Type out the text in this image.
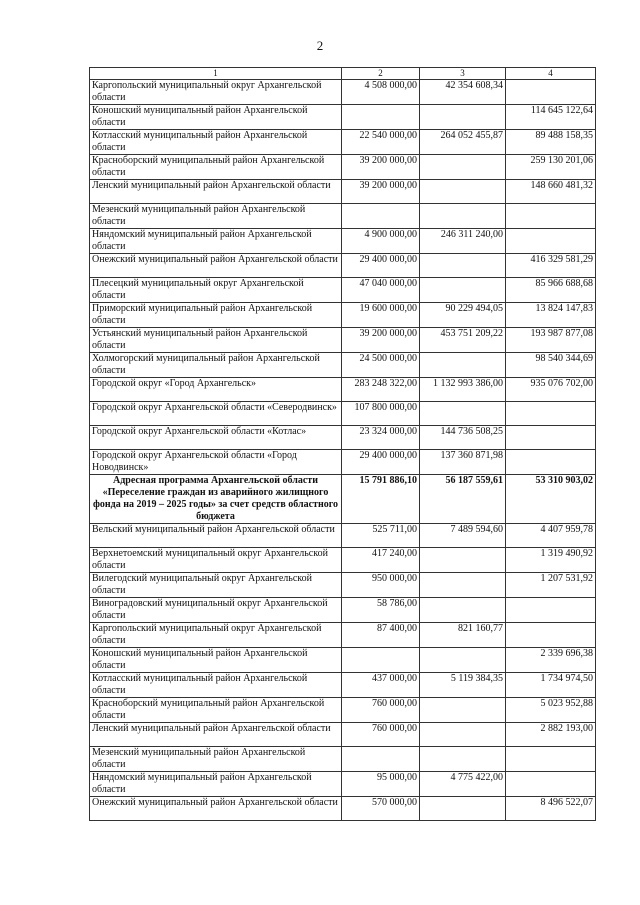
2
1	2	3	4
Каргопольский муниципальный округ Архангельской области	4 508 000,00	42 354 608,34	
Коношский муниципальный район Архангельской области			114 645 122,64
Котласский муниципальный район Архангельской области	22 540 000,00	264 052 455,87	89 488 158,35
Красноборский муниципальный район Архангельской области	39 200 000,00		259 130 201,06
Ленский муниципальный район Архангельской области	39 200 000,00		148 660 481,32
Мезенский муниципальный район Архангельской области			
Няндомский муниципальный район Архангельской области	4 900 000,00	246 311 240,00	
Онежский муниципальный район Архангельской области	29 400 000,00		416 329 581,29
Плесецкий муниципальный округ Архангельской области	47 040 000,00		85 966 688,68
Приморский муниципальный район Архангельской области	19 600 000,00	90 229 494,05	13 824 147,83
Устьянский муниципальный район Архангельской области	39 200 000,00	453 751 209,22	193 987 877,08
Холмогорский муниципальный район Архангельской области	24 500 000,00		98 540 344,69
Городской округ «Город Архангельск»	283 248 322,00	1 132 993 386,00	935 076 702,00
Городской округ Архангельской области «Северодвинск»	107 800 000,00		
Городской округ Архангельской области «Котлас»	23 324 000,00	144 736 508,25	
Городской округ Архангельской области «Город Новодвинск»	29 400 000,00	137 360 871,98	
Адресная программа Архангельской области «Переселение граждан из аварийного жилищного фонда на 2019 – 2025 годы» за счет средств областного бюджета	15 791 886,10	56 187 559,61	53 310 903,02
Вельский муниципальный район Архангельской области	525 711,00	7 489 594,60	4 407 959,78
Верхнетоемский муниципальный округ Архангельской области	417 240,00		1 319 490,92
Вилегодский муниципальный округ Архангельской области	950 000,00		1 207 531,92
Виноградовский муниципальный округ Архангельской области	58 786,00		
Каргопольский муниципальный округ Архангельской области	87 400,00	821 160,77	
Коношский муниципальный район Архангельской области			2 339 696,38
Котласский муниципальный район Архангельской области	437 000,00	5 119 384,35	1 734 974,50
Красноборский муниципальный район Архангельской области	760 000,00		5 023 952,88
Ленский муниципальный район Архангельской области	760 000,00		2 882 193,00
Мезенский муниципальный район Архангельской области			
Няндомский муниципальный район Архангельской области	95 000,00	4 775 422,00	
Онежский муниципальный район Архангельской области	570 000,00		8 496 522,07
